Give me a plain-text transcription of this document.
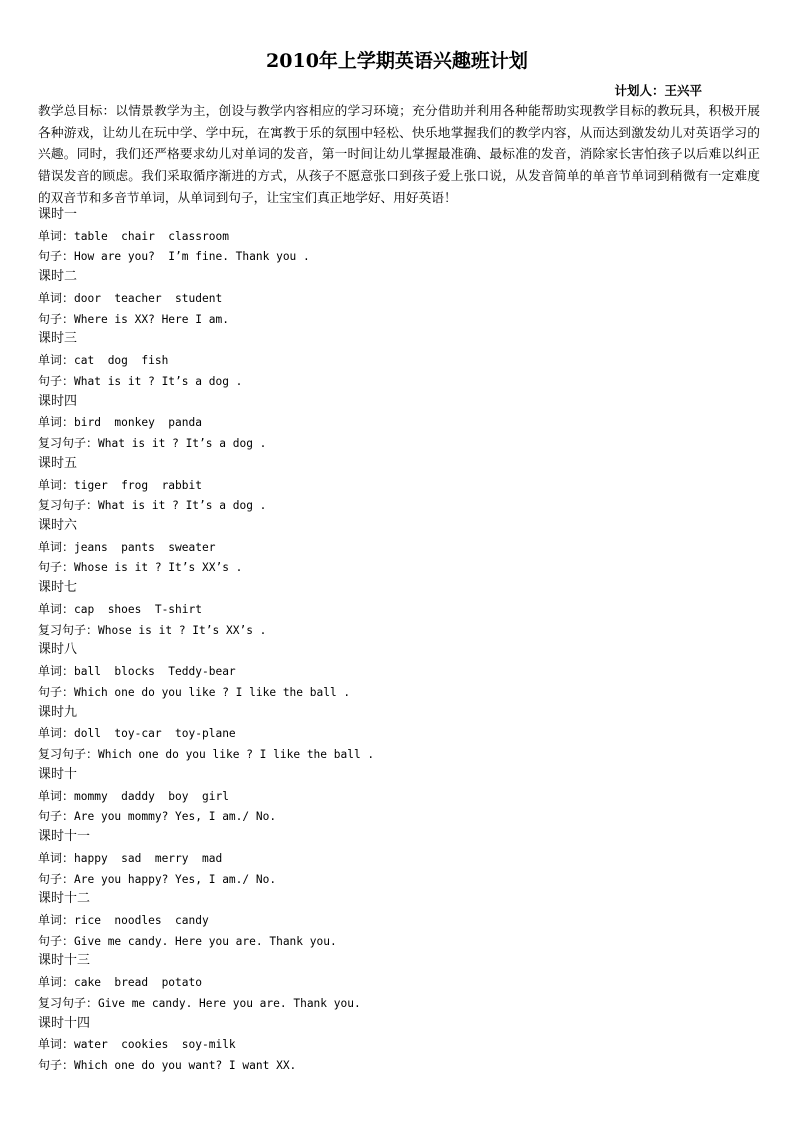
2010年上学期英语兴趣班计划
计划人：王兴平
教学总目标：以情景教学为主，创设与教学内容相应的学习环境；充分借助并利用各种能帮助实现教学目标的教玩具，积极开展各种游戏，让幼儿在玩中学、学中玩，在寓教于乐的氛围中轻松、快乐地掌握我们的教学内容，从而达到激发幼儿对英语学习的兴趣。同时，我们还严格要求幼儿对单词的发音，第一时间让幼儿掌握最准确、最标准的发音，消除家长害怕孩子以后难以纠正错误发音的顾虑。我们采取循序渐进的方式，从孩子不愿意张口到孩子爱上张口说，从发音简单的单音节单词到稍微有一定难度的双音节和多音节单词，从单词到句子，让宝宝们真正地学好、用好英语！
课时一
单词：table  chair  classroom
句子：How are you?  I’m fine. Thank you .
课时二
单词：door  teacher  student
句子：Where is XX? Here I am.
课时三
单词：cat  dog  fish
句子：What is it ? It’s a dog .
课时四
单词：bird  monkey  panda
复习句子：What is it ? It’s a dog .
课时五
单词：tiger  frog  rabbit
复习句子：What is it ? It’s a dog .
课时六
单词：jeans  pants  sweater
句子：Whose is it ? It’s XX’s .
课时七
单词：cap  shoes  T-shirt
复习句子：Whose is it ? It’s XX’s .
课时八
单词：ball  blocks  Teddy-bear
句子：Which one do you like ? I like the ball .
课时九
单词：doll  toy-car  toy-plane
复习句子：Which one do you like ? I like the ball .
课时十
单词：mommy  daddy  boy  girl
句子：Are you mommy? Yes, I am./ No.
课时十一
单词：happy  sad  merry  mad
句子：Are you happy? Yes, I am./ No.
课时十二
单词：rice  noodles  candy
句子：Give me candy. Here you are. Thank you.
课时十三
单词：cake  bread  potato
复习句子：Give me candy. Here you are. Thank you.
课时十四
单词：water  cookies  soy-milk
句子：Which one do you want? I want XX.
